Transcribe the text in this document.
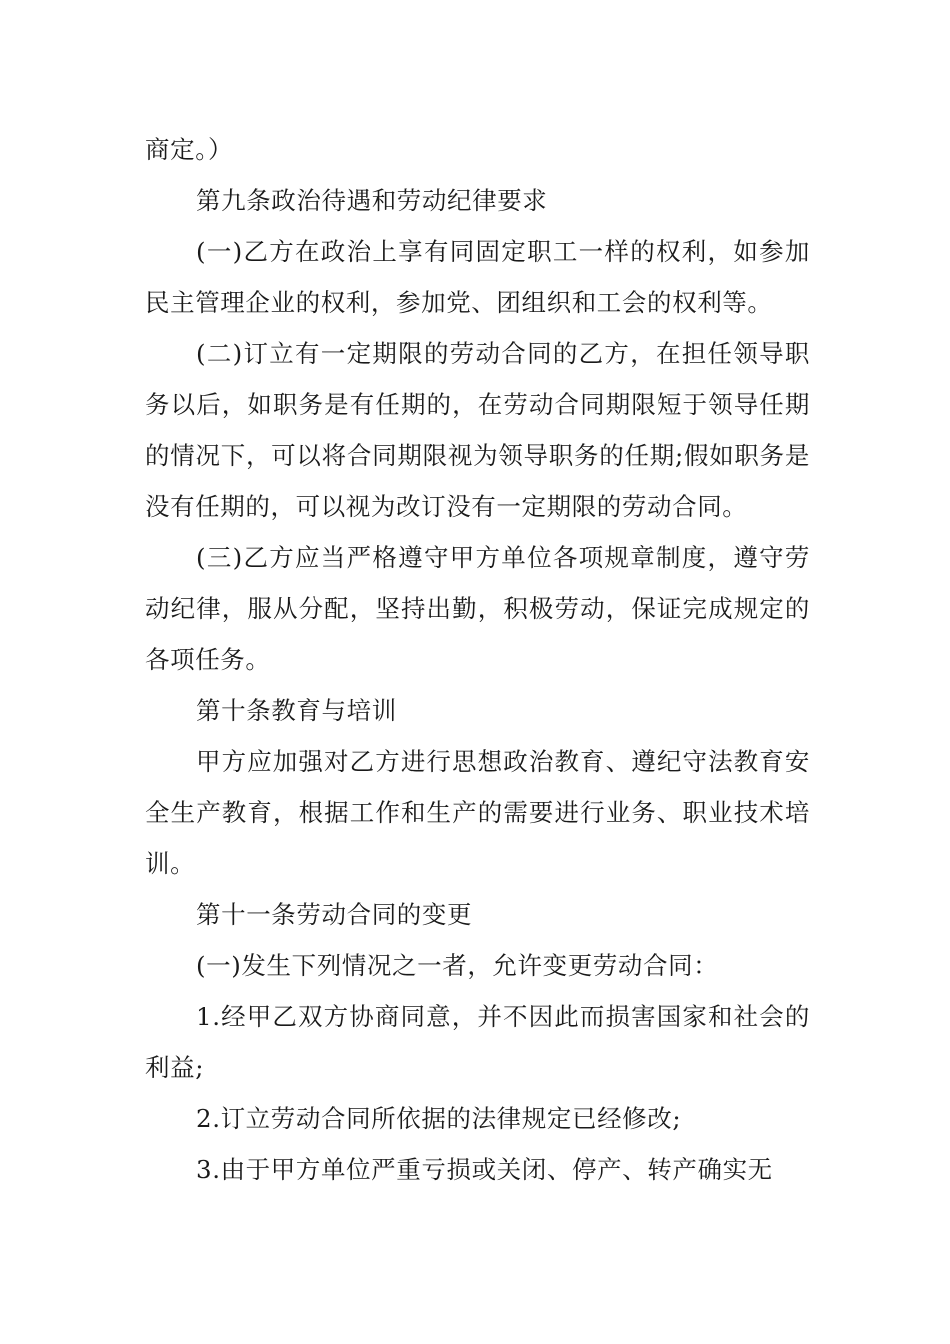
商定。）

第九条政治待遇和劳动纪律要求

(一)乙方在政治上享有同固定职工一样的权利，如参加民主管理企业的权利，参加党、团组织和工会的权利等。

(二)订立有一定期限的劳动合同的乙方，在担任领导职务以后，如职务是有任期的，在劳动合同期限短于领导任期的情况下，可以将合同期限视为领导职务的任期;假如职务是没有任期的，可以视为改订没有一定期限的劳动合同。

(三)乙方应当严格遵守甲方单位各项规章制度，遵守劳动纪律，服从分配，坚持出勤，积极劳动，保证完成规定的各项任务。

第十条教育与培训

甲方应加强对乙方进行思想政治教育、遵纪守法教育安全生产教育，根据工作和生产的需要进行业务、职业技术培训。

第十一条劳动合同的变更

(一)发生下列情况之一者，允许变更劳动合同：

1.经甲乙双方协商同意，并不因此而损害国家和社会的利益;

2.订立劳动合同所依据的法律规定已经修改;

3.由于甲方单位严重亏损或关闭、停产、转产确实无
